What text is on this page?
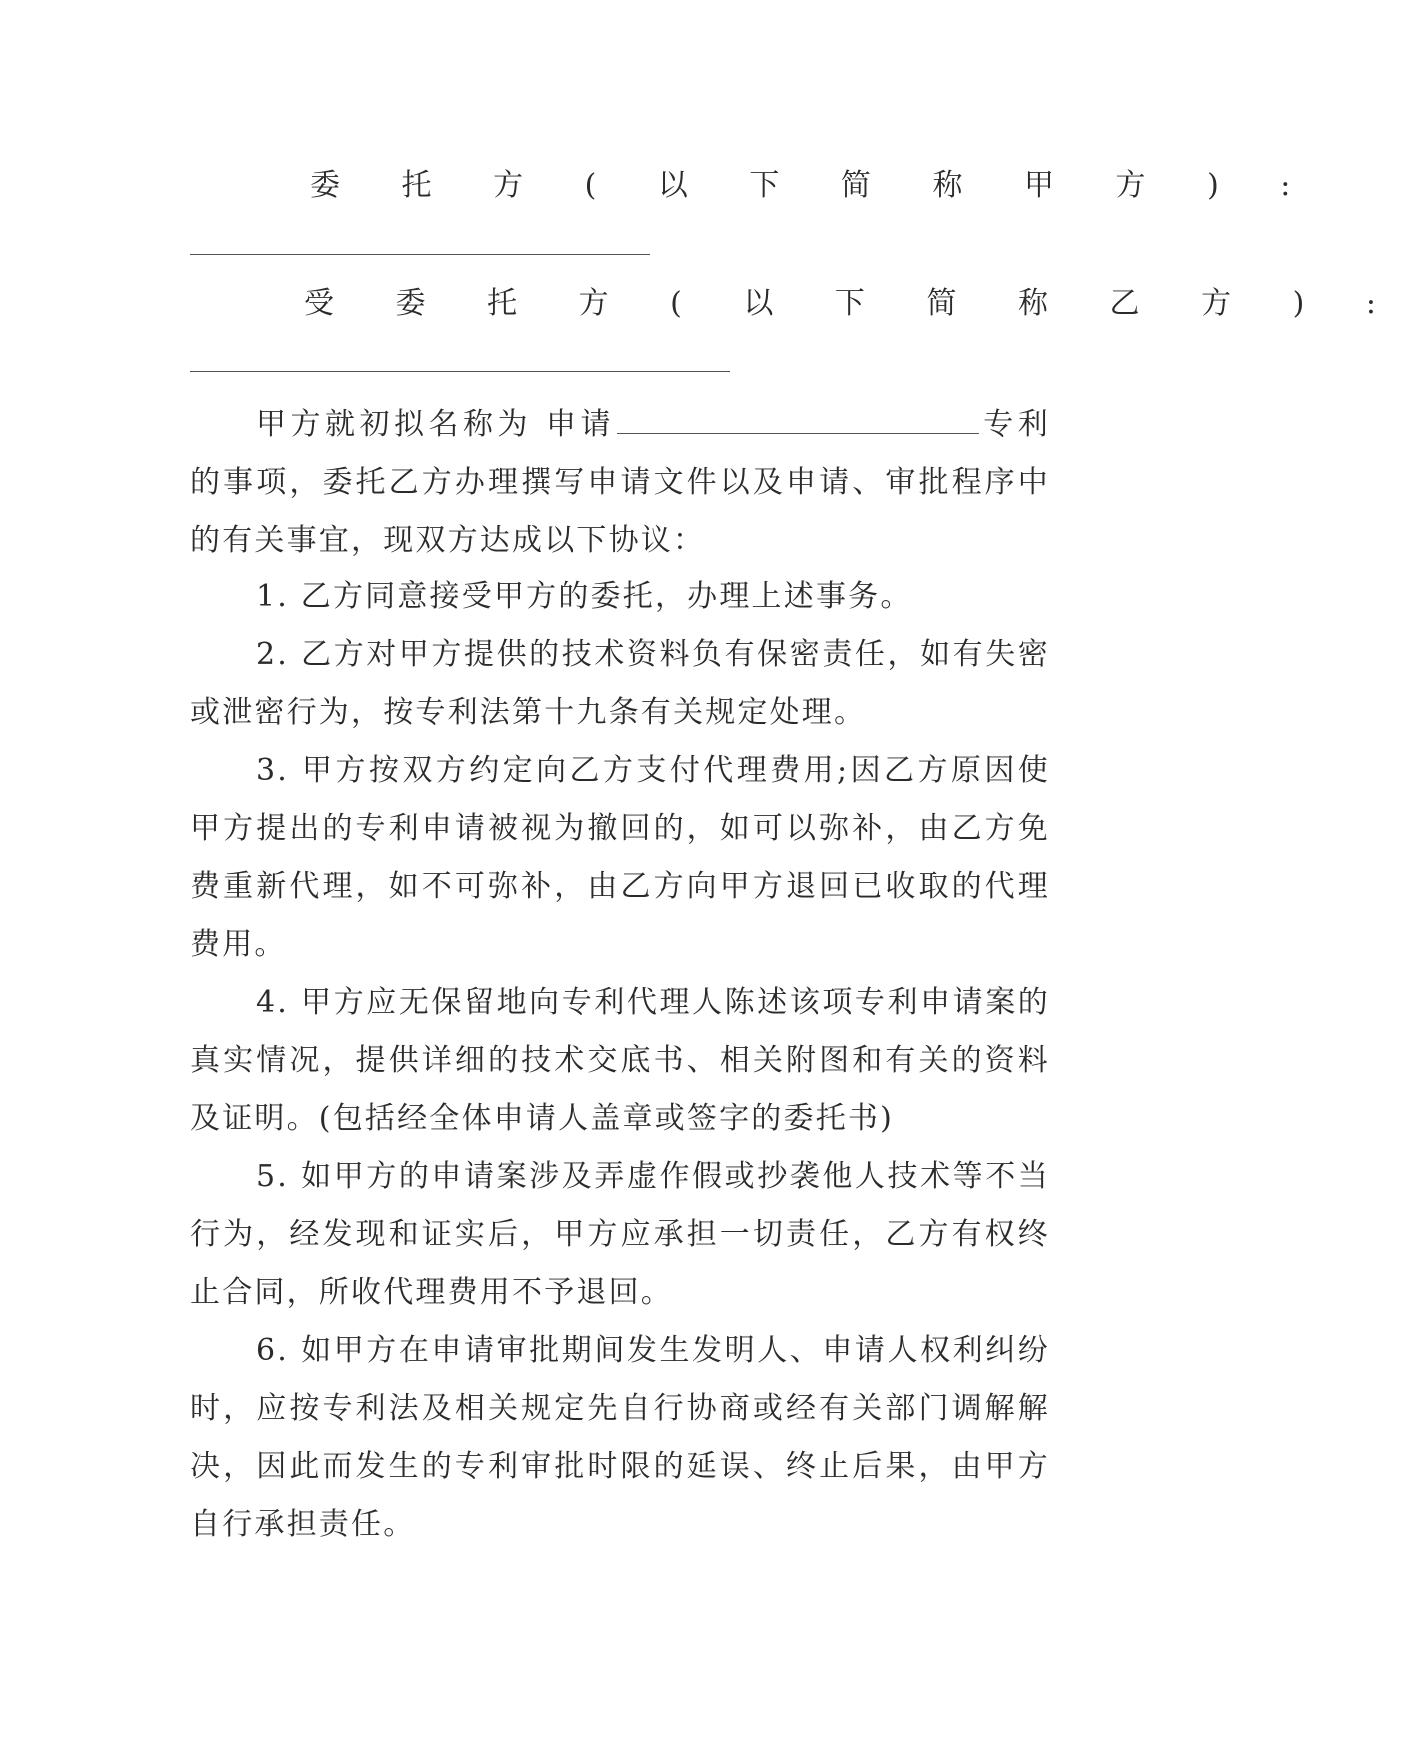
委 托 方 ( 以 下 简 称 甲 方 ) :
受 委 托 方 ( 以 下 简 称 乙 方 ) :
甲方就初拟名称为 申请	专利的事项，委托乙方办理撰写申请文件以及申请、审批程序中的有关事宜，现双方达成以下协议：
1. 乙方同意接受甲方的委托，办理上述事务。
2. 乙方对甲方提供的技术资料负有保密责任，如有失密或泄密行为，按专利法第十九条有关规定处理。
3. 甲方按双方约定向乙方支付代理费用;因乙方原因使甲方提出的专利申请被视为撤回的，如可以弥补，由乙方免费重新代理，如不可弥补，由乙方向甲方退回已收取的代理费用。
4. 甲方应无保留地向专利代理人陈述该项专利申请案的真实情况，提供详细的技术交底书、相关附图和有关的资料及证明。(包括经全体申请人盖章或签字的委托书)
5. 如甲方的申请案涉及弄虚作假或抄袭他人技术等不当行为，经发现和证实后，甲方应承担一切责任，乙方有权终止合同，所收代理费用不予退回。
6. 如甲方在申请审批期间发生发明人、申请人权利纠纷时，应按专利法及相关规定先自行协商或经有关部门调解解决，因此而发生的专利审批时限的延误、终止后果，由甲方自行承担责任。
